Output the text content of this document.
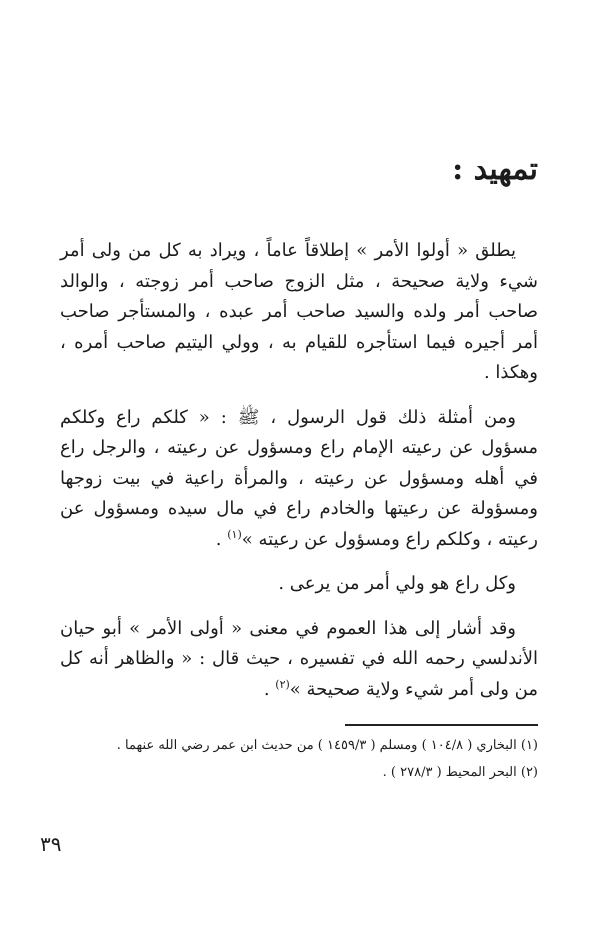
تمهيد :

يطلق « أولوا الأمر » إطلاقاً عاماً ، ويراد به كل من ولى أمر شيء ولاية صحيحة ، مثل الزوج صاحب أمر زوجته ، والوالد صاحب أمر ولده والسيد صاحب أمر عبده ، والمستأجر صاحب أمر أجيره فيما استأجره للقيام به ، وولي اليتيم صاحب أمره ، وهكذا .

ومن أمثلة ذلك قول الرسول ، ﷺ : « كلكم راع وكلكم مسؤول عن رعيته الإمام راع ومسؤول عن رعيته ، والرجل راع في أهله ومسؤول عن رعيته ، والمرأة راعية في بيت زوجها ومسؤولة عن رعيتها والخادم راع في مال سيده ومسؤول عن رعيته ، وكلكم راع ومسؤول عن رعيته »$^{(١)}$ .

وكل راع هو ولي أمر من يرعى .

وقد أشار إلى هذا العموم في معنى « أولى الأمر » أبو حيان الأندلسي رحمه الله في تفسيره ، حيث قال : « والظاهر أنه كل من ولى أمر شيء ولاية صحيحة »$^{(٢)}$ .

(١) البخاري ( ١٠٤/٨ ) ومسلم ( ١٤٥٩/٣ ) من حديث ابن عمر رضي الله عنهما .
(٢) البحر المحيط ( ٢٧٨/٣ ) .
٣٩
